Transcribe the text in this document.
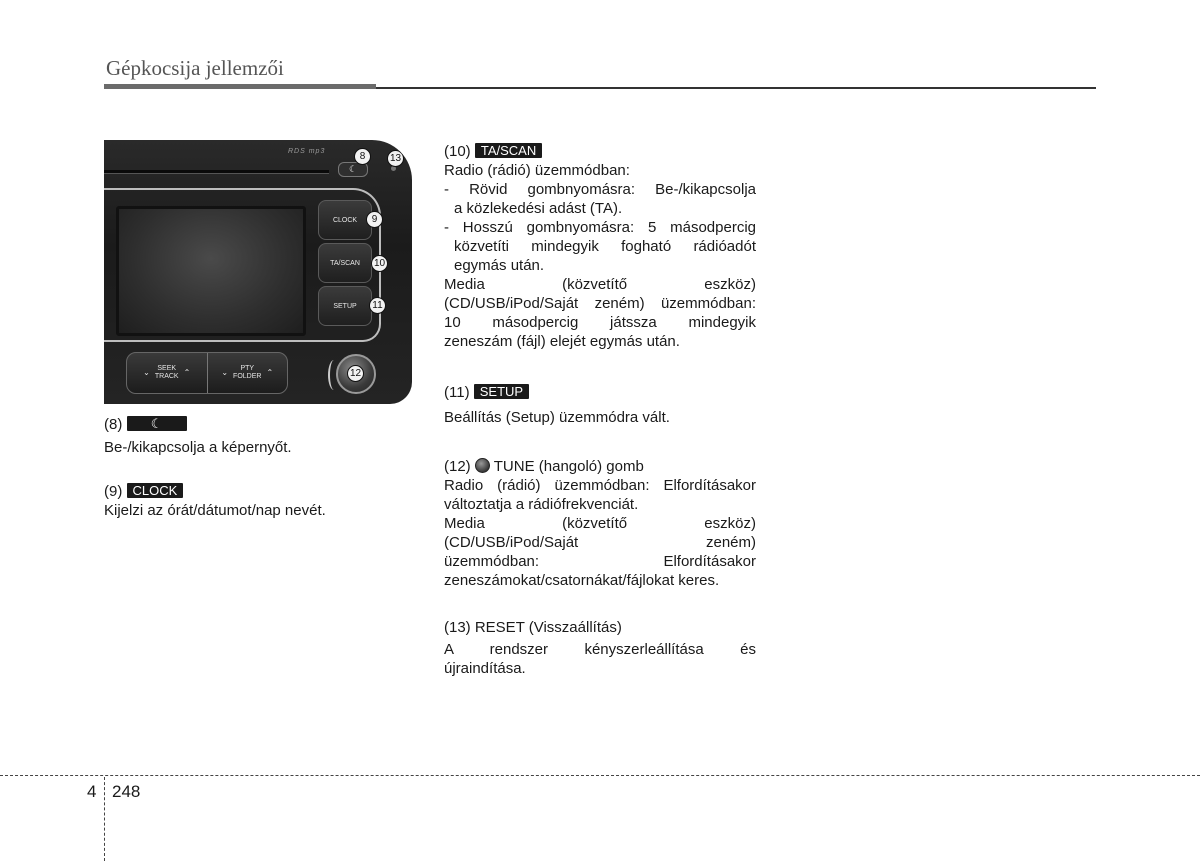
Gépkocsija jellemzői
RDS mp3
☾
8	13
CLOCK	9
TA/SCAN	10
SETUP	11
⌄	SEEK
TRACK ⌃	⌄	PTY
FOLDER ⌃	12
(8) ☾
Be-/kikapcsolja a képernyőt.
(9) CLOCK
Kijelzi az órát/dátumot/nap nevét.
(10) TA/SCAN
Radio (rádió) üzemmódban:
- Rövid gombnyomásra: Be-/kikapcsolja
a közlekedési adást (TA).
- Hosszú gombnyomásra: 5 másodpercig
közvetíti mindegyik fogható rádióadót
egymás után.
Media (közvetítő eszköz)
(CD/USB/iPod/Saját zeném) üzemmódban:
10 másodpercig játssza mindegyik
zeneszám (fájl) elejét egymás után.
(11) SETUP
Beállítás (Setup) üzemmódra vált.
(12) TUNE (hangoló) gomb
Radio (rádió) üzemmódban: Elfordításakor
változtatja a rádiófrekvenciát.
Media (közvetítő eszköz)
(CD/USB/iPod/Saját zeném)
üzemmódban: Elfordításakor
zeneszámokat/csatornákat/fájlokat keres.
(13) RESET (Visszaállítás)
A rendszer kényszerleállítása és
újraindítása.
4 248
